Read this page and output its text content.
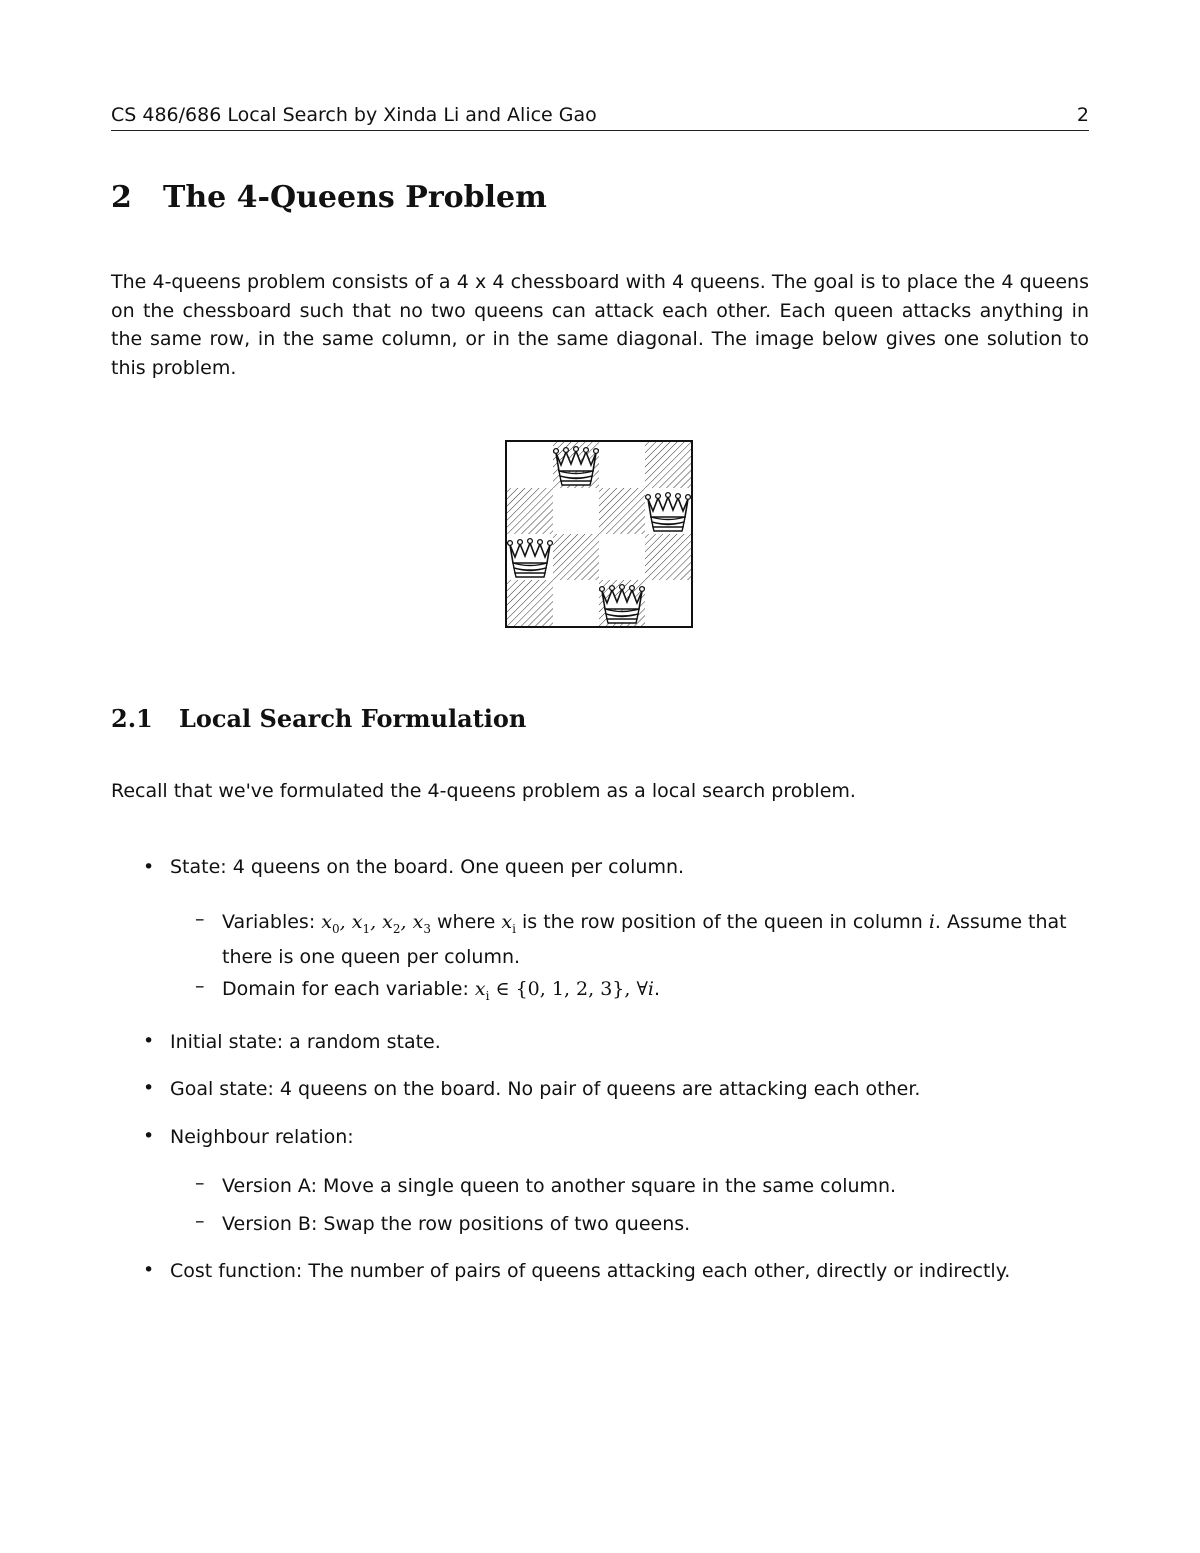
CS 486/686 Local Search by Xinda Li and Alice Gao	2
2 The 4-Queens Problem
The 4-queens problem consists of a 4 x 4 chessboard with 4 queens. The goal is to place the 4 queens on the chessboard such that no two queens can attack each other. Each queen attacks anything in the same row, in the same column, or in the same diagonal. The image below gives one solution to this problem.
2.1 Local Search Formulation
Recall that we've formulated the 4-queens problem as a local search problem.
• State: 4 queens on the board. One queen per column.
– Variables: $x_0$, $x_1$, $x_2$, $x_3$ where $x_i$ is the row position of the queen in column i. Assume that there is one queen per column.
– Domain for each variable: $x_i$ ∈ {0, 1, 2, 3}, ∀i.
• Initial state: a random state.
• Goal state: 4 queens on the board. No pair of queens are attacking each other.
• Neighbour relation:
– Version A: Move a single queen to another square in the same column.
– Version B: Swap the row positions of two queens.
• Cost function: The number of pairs of queens attacking each other, directly or indirectly.
